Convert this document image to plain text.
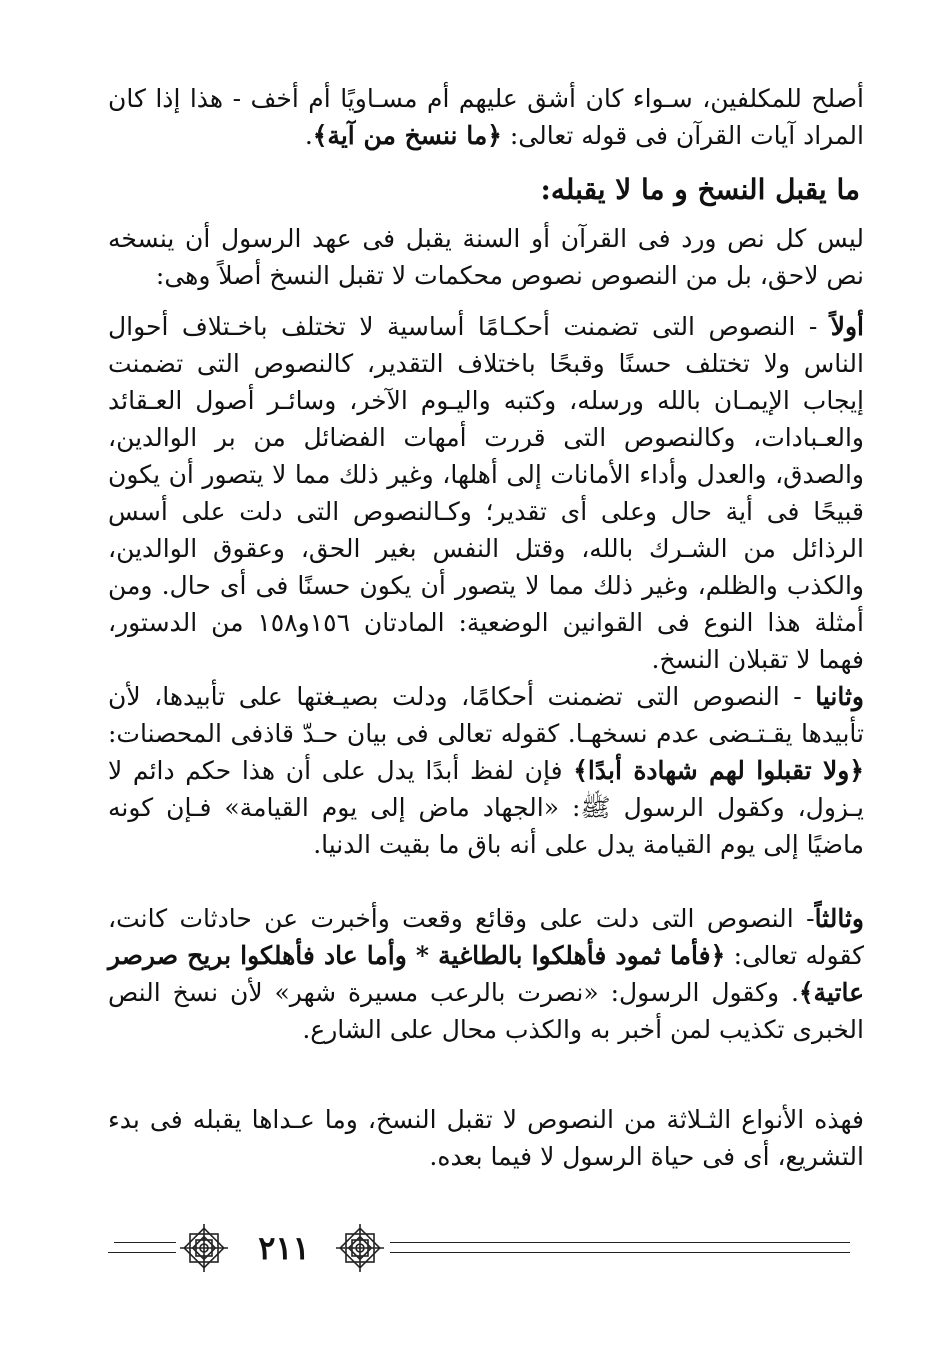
أصلح للمكلفين، سـواء كان أشق عليهم أم مسـاويًا أم أخف - هذا إذا كان المراد آيات القرآن فى قوله تعالى: ﴿ما ننسخ من آية﴾.
ما يقبل النسخ و ما لا يقبله:
ليس كل نص ورد فى القرآن أو السنة يقبل فى عهد الرسول أن ينسخه نص لاحق، بل من النصوص نصوص محكمات لا تقبل النسخ أصلاً وهى:
أولاً - النصوص التى تضمنت أحكـامًا أساسية لا تختلف باخـتلاف أحوال الناس ولا تختلف حسنًا وقبحًا باختلاف التقدير، كالنصوص التى تضمنت إيجاب الإيمـان بالله ورسله، وكتبه واليـوم الآخر، وسائـر أصول العـقائد والعـبادات، وكالنصوص التى قررت أمهات الفضائل من بر الوالدين، والصدق، والعدل وأداء الأمانات إلى أهلها، وغير ذلك مما لا يتصور أن يكون قبيحًا فى أية حال وعلى أى تقدير؛ وكـالنصوص التى دلت على أسس الرذائل من الشـرك بالله، وقتل النفس بغير الحق، وعقوق الوالدين، والكذب والظلم، وغير ذلك مما لا يتصور أن يكون حسنًا فى أى حال. ومن أمثلة هذا النوع فى القوانين الوضعية: المادتان ١٥٦و١٥٨ من الدستور، فهما لا تقبلان النسخ.
وثانيا - النصوص التى تضمنت أحكامًا، ودلت بصيـغتها على تأبيدها، لأن تأبيدها يقـتـضى عدم نسخهـا. كقوله تعالى فى بيان حـدّ قاذفى المحصنات: ﴿ولا تقبلوا لهم شهادة أبدًا﴾ فإن لفظ أبدًا يدل على أن هذا حكم دائم لا يـزول، وكقول الرسول ﷺ: «الجهاد ماض إلى يوم القيامة» فـإن كونه ماضيًا إلى يوم القيامة يدل على أنه باق ما بقيت الدنيا.
وثالثاً- النصوص التى دلت على وقائع وقعت وأخبرت عن حادثات كانت، كقوله تعالى: ﴿فأما ثمود فأهلكوا بالطاغية * وأما عاد فأهلكوا بريح صرصر عاتية﴾. وكقول الرسول: «نصرت بالرعب مسيرة شهر» لأن نسخ النص الخبرى تكذيب لمن أخبر به والكذب محال على الشارع.
فهذه الأنواع الثـلاثة من النصوص لا تقبل النسخ، وما عـداها يقبله فى بدء التشريع، أى فى حياة الرسول لا فيما بعده.
٢١١
